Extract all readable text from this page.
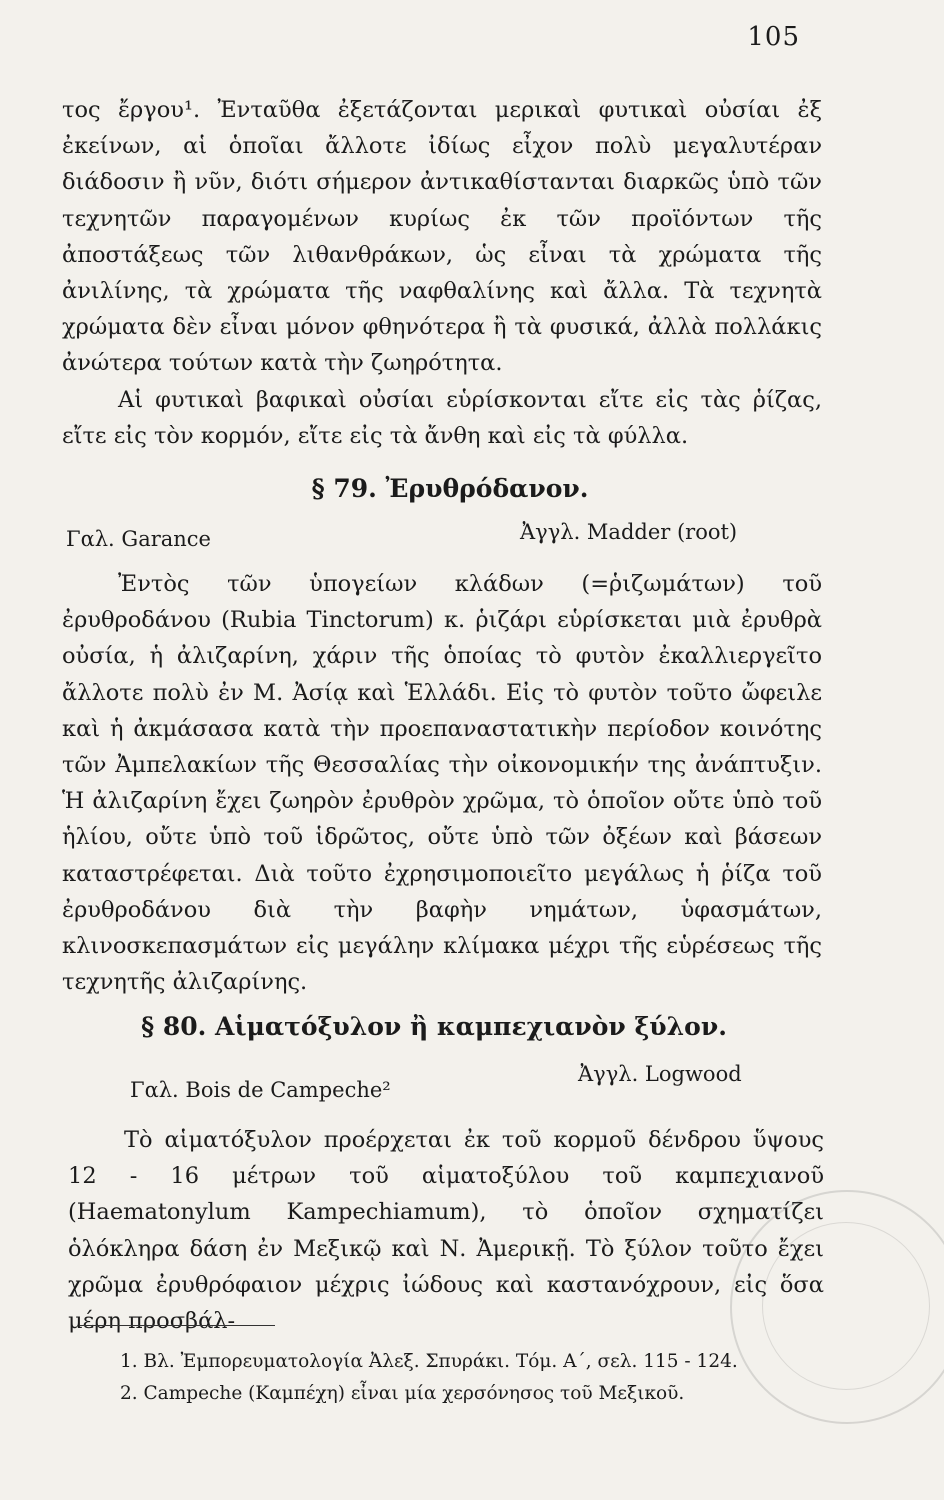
105

τος ἔργου¹. Ἐνταῦθα ἐξετάζονται μερικαὶ φυτικαὶ οὐσίαι ἐξ ἐκείνων, αἱ ὁποῖαι ἄλλοτε ἰδίως εἶχον πολὺ μεγαλυτέραν διάδοσιν ἢ νῦν, διότι σήμερον ἀντικαθίστανται διαρκῶς ὑπὸ τῶν τεχνητῶν παραγομένων κυρίως ἐκ τῶν προϊόντων τῆς ἀποστάξεως τῶν λιθανθράκων, ὡς εἶναι τὰ χρώματα τῆς ἀνιλίνης, τὰ χρώματα τῆς ναφθαλίνης καὶ ἄλλα. Τὰ τεχνητὰ χρώματα δὲν εἶναι μόνον φθηνότερα ἢ τὰ φυσικά, ἀλλὰ πολλάκις ἀνώτερα τούτων κατὰ τὴν ζωηρότητα.

Αἱ φυτικαὶ βαφικαὶ οὐσίαι εὑρίσκονται εἴτε εἰς τὰς ῥίζας, εἴτε εἰς τὸν κορμόν, εἴτε εἰς τὰ ἄνθη καὶ εἰς τὰ φύλλα.

§ 79. Ἐρυθρόδανον.
Γαλ. Garance	Ἀγγλ. Madder (root)

Ἐντὸς τῶν ὑπογείων κλάδων (=ῥιζωμάτων) τοῦ ἐρυθροδάνου (Rubia Tinctorum) κ. ῥιζάρι εὑρίσκεται μιὰ ἐρυθρὰ οὐσία, ἡ ἀλιζαρίνη, χάριν τῆς ὁποίας τὸ φυτὸν ἐκαλλιεργεῖτο ἄλλοτε πολὺ ἐν Μ. Ἀσίᾳ καὶ Ἑλλάδι. Εἰς τὸ φυτὸν τοῦτο ὤφειλε καὶ ἡ ἀκμάσασα κατὰ τὴν προεπαναστατικὴν περίοδον κοινότης τῶν Ἀμπελακίων τῆς Θεσσαλίας τὴν οἰκονομικήν της ἀνάπτυξιν. Ἡ ἀλιζαρίνη ἔχει ζωηρὸν ἐρυθρὸν χρῶμα, τὸ ὁποῖον οὔτε ὑπὸ τοῦ ἡλίου, οὔτε ὑπὸ τοῦ ἱδρῶτος, οὔτε ὑπὸ τῶν ὀξέων καὶ βάσεων καταστρέφεται. Διὰ τοῦτο ἐχρησιμοποιεῖτο μεγάλως ἡ ῥίζα τοῦ ἐρυθροδάνου διὰ τὴν βαφὴν νημάτων, ὑφασμάτων, κλινοσκεπασμάτων εἰς μεγάλην κλίμακα μέχρι τῆς εὑρέσεως τῆς τεχνητῆς ἀλιζαρίνης.

§ 80. Αἱματόξυλον ἢ καμπεχιανὸν ξύλον.
Γαλ. Bois de Campeche²
Ἀγγλ. Logwood

Τὸ αἱματόξυλον προέρχεται ἐκ τοῦ κορμοῦ δένδρου ὕψους 12 - 16 μέτρων τοῦ αἱματοξύλου τοῦ καμπεχιανοῦ (Haematonylum Kampechiamum), τὸ ὁποῖον σχηματίζει ὁλόκληρα δάση ἐν Μεξικῷ καὶ Ν. Ἀμερικῇ. Τὸ ξύλον τοῦτο ἔχει χρῶμα ἐρυθρόφαιον μέχρις ἰώδους καὶ καστανόχρουν, εἰς ὅσα μέρη προσβάλ-

1. Βλ. Ἐμπορευματολογία Ἀλεξ. Σπυράκι. Τόμ. Α΄, σελ. 115 - 124.

2. Campeche (Καμπέχη) εἶναι μία χερσόνησος τοῦ Μεξικοῦ.
